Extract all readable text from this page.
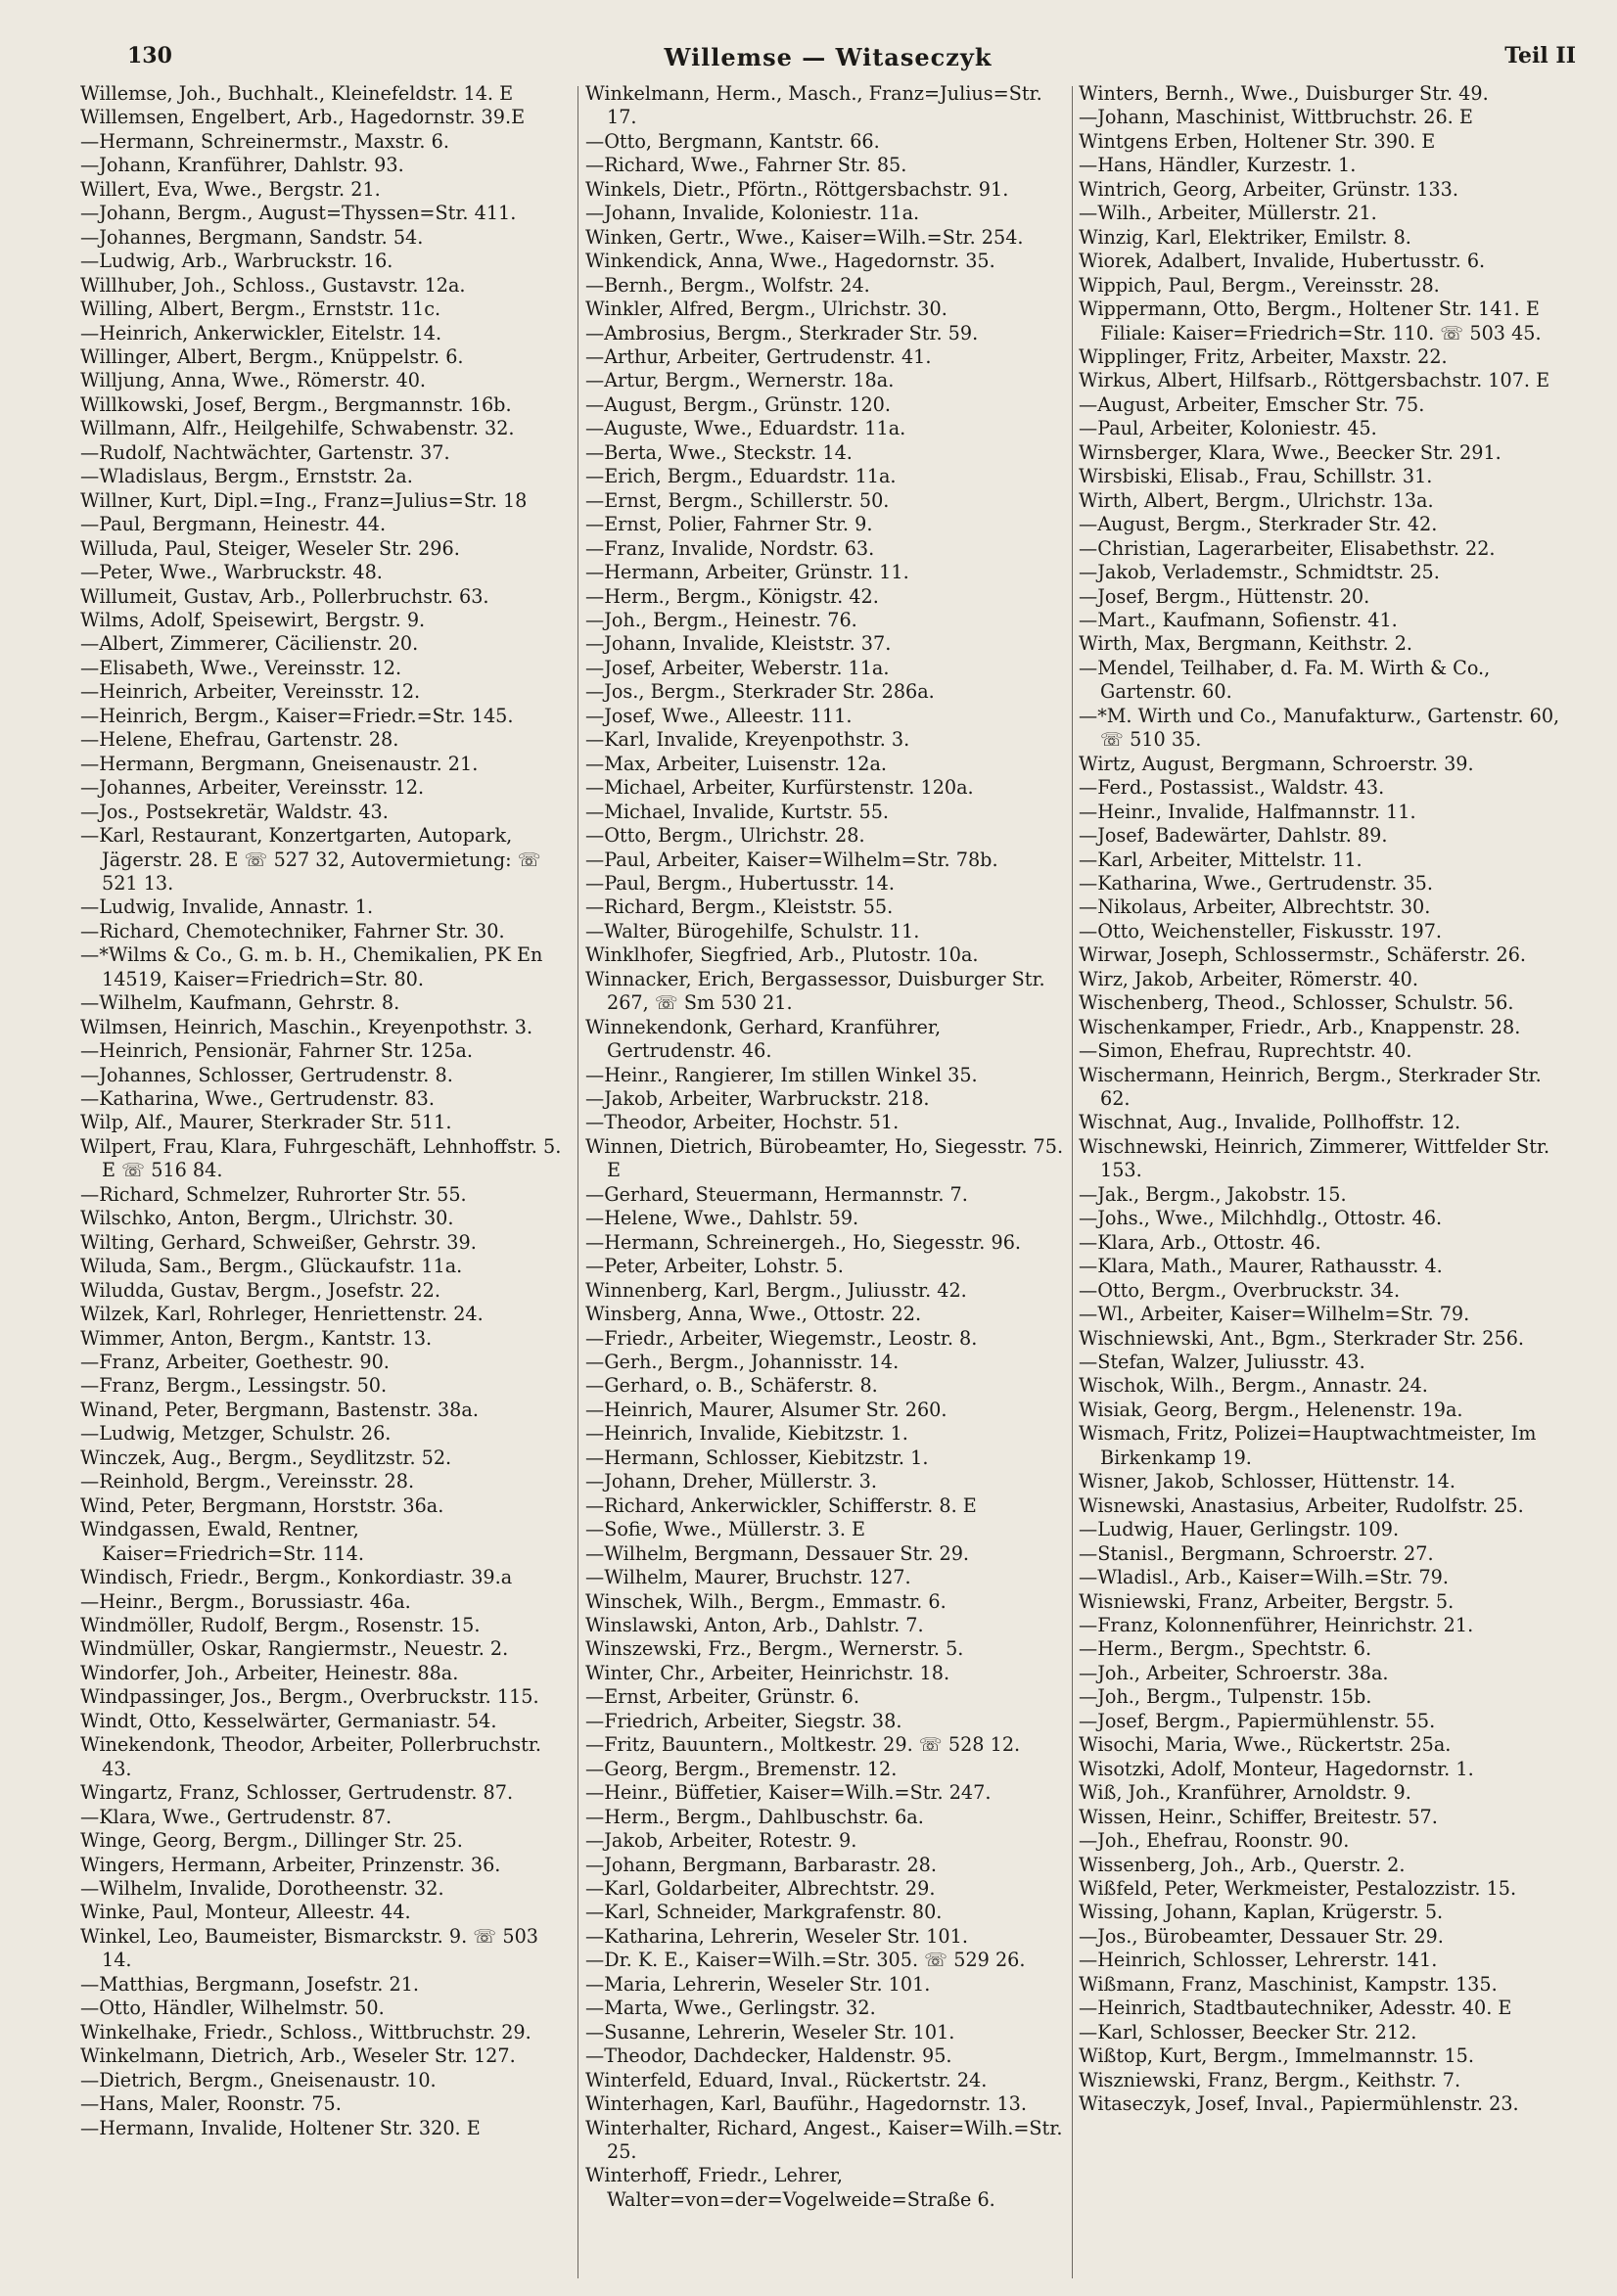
130	Willemse — Witaseczyk	Teil II

Willemse, Joh., Buchhalt., Kleinefeldstr. 14. E

Willemsen, Engelbert, Arb., Hagedornstr. 39.E

—Hermann, Schreinermstr., Maxstr. 6.

—Johann, Kranführer, Dahlstr. 93.

Willert, Eva, Wwe., Bergstr. 21.

—Johann, Bergm., August=Thyssen=Str. 411.

—Johannes, Bergmann, Sandstr. 54.

—Ludwig, Arb., Warbruckstr. 16.

Willhuber, Joh., Schloss., Gustavstr. 12a.

Willing, Albert, Bergm., Ernststr. 11c.

—Heinrich, Ankerwickler, Eitelstr. 14.

Willinger, Albert, Bergm., Knüppelstr. 6.

Willjung, Anna, Wwe., Römerstr. 40.

Willkowski, Josef, Bergm., Bergmannstr. 16b.

Willmann, Alfr., Heilgehilfe, Schwabenstr. 32.

—Rudolf, Nachtwächter, Gartenstr. 37.

—Wladislaus, Bergm., Ernststr. 2a.

Willner, Kurt, Dipl.=Ing., Franz=Julius=Str. 18

—Paul, Bergmann, Heinestr. 44.

Willuda, Paul, Steiger, Weseler Str. 296.

—Peter, Wwe., Warbruckstr. 48.

Willumeit, Gustav, Arb., Pollerbruchstr. 63.

Wilms, Adolf, Speisewirt, Bergstr. 9.

—Albert, Zimmerer, Cäcilienstr. 20.

—Elisabeth, Wwe., Vereinsstr. 12.

—Heinrich, Arbeiter, Vereinsstr. 12.

—Heinrich, Bergm., Kaiser=Friedr.=Str. 145.

—Helene, Ehefrau, Gartenstr. 28.

—Hermann, Bergmann, Gneisenaustr. 21.

—Johannes, Arbeiter, Vereinsstr. 12.

—Jos., Postsekretär, Waldstr. 43.

—Karl, Restaurant, Konzertgarten, Autopark, Jägerstr. 28. E ☏ 527 32, Autovermietung: ☏ 521 13.

—Ludwig, Invalide, Annastr. 1.

—Richard, Chemotechniker, Fahrner Str. 30.

—*Wilms & Co., G. m. b. H., Chemikalien, PK En 14519, Kaiser=Friedrich=Str. 80.

—Wilhelm, Kaufmann, Gehrstr. 8.

Wilmsen, Heinrich, Maschin., Kreyenpothstr. 3.

—Heinrich, Pensionär, Fahrner Str. 125a.

—Johannes, Schlosser, Gertrudenstr. 8.

—Katharina, Wwe., Gertrudenstr. 83.

Wilp, Alf., Maurer, Sterkrader Str. 511.

Wilpert, Frau, Klara, Fuhrgeschäft, Lehnhoffstr. 5. E ☏ 516 84.

—Richard, Schmelzer, Ruhrorter Str. 55.

Wilschko, Anton, Bergm., Ulrichstr. 30.

Wilting, Gerhard, Schweißer, Gehrstr. 39.

Wiluda, Sam., Bergm., Glückaufstr. 11a.

Wiludda, Gustav, Bergm., Josefstr. 22.

Wilzek, Karl, Rohrleger, Henriettenstr. 24.

Wimmer, Anton, Bergm., Kantstr. 13.

—Franz, Arbeiter, Goethestr. 90.

—Franz, Bergm., Lessingstr. 50.

Winand, Peter, Bergmann, Bastenstr. 38a.

—Ludwig, Metzger, Schulstr. 26.

Winczek, Aug., Bergm., Seydlitzstr. 52.

—Reinhold, Bergm., Vereinsstr. 28.

Wind, Peter, Bergmann, Horststr. 36a.

Windgassen, Ewald, Rentner, Kaiser=Friedrich=Str. 114.

Windisch, Friedr., Bergm., Konkordiastr. 39.a

—Heinr., Bergm., Borussiastr. 46a.

Windmöller, Rudolf, Bergm., Rosenstr. 15.

Windmüller, Oskar, Rangiermstr., Neuestr. 2.

Windorfer, Joh., Arbeiter, Heinestr. 88a.

Windpassinger, Jos., Bergm., Overbruckstr. 115.

Windt, Otto, Kesselwärter, Germaniastr. 54.

Winekendonk, Theodor, Arbeiter, Pollerbruchstr. 43.

Wingartz, Franz, Schlosser, Gertrudenstr. 87.

—Klara, Wwe., Gertrudenstr. 87.

Winge, Georg, Bergm., Dillinger Str. 25.

Wingers, Hermann, Arbeiter, Prinzenstr. 36.

—Wilhelm, Invalide, Dorotheenstr. 32.

Winke, Paul, Monteur, Alleestr. 44.

Winkel, Leo, Baumeister, Bismarckstr. 9. ☏ 503 14.

—Matthias, Bergmann, Josefstr. 21.

—Otto, Händler, Wilhelmstr. 50.

Winkelhake, Friedr., Schloss., Wittbruchstr. 29.

Winkelmann, Dietrich, Arb., Weseler Str. 127.

—Dietrich, Bergm., Gneisenaustr. 10.

—Hans, Maler, Roonstr. 75.

—Hermann, Invalide, Holtener Str. 320. E

Winkelmann, Herm., Masch., Franz=Julius=Str. 17.

—Otto, Bergmann, Kantstr. 66.

—Richard, Wwe., Fahrner Str. 85.

Winkels, Dietr., Pförtn., Röttgersbachstr. 91.

—Johann, Invalide, Koloniestr. 11a.

Winken, Gertr., Wwe., Kaiser=Wilh.=Str. 254.

Winkendick, Anna, Wwe., Hagedornstr. 35.

—Bernh., Bergm., Wolfstr. 24.

Winkler, Alfred, Bergm., Ulrichstr. 30.

—Ambrosius, Bergm., Sterkrader Str. 59.

—Arthur, Arbeiter, Gertrudenstr. 41.

—Artur, Bergm., Wernerstr. 18a.

—August, Bergm., Grünstr. 120.

—Auguste, Wwe., Eduardstr. 11a.

—Berta, Wwe., Steckstr. 14.

—Erich, Bergm., Eduardstr. 11a.

—Ernst, Bergm., Schillerstr. 50.

—Ernst, Polier, Fahrner Str. 9.

—Franz, Invalide, Nordstr. 63.

—Hermann, Arbeiter, Grünstr. 11.

—Herm., Bergm., Königstr. 42.

—Joh., Bergm., Heinestr. 76.

—Johann, Invalide, Kleiststr. 37.

—Josef, Arbeiter, Weberstr. 11a.

—Jos., Bergm., Sterkrader Str. 286a.

—Josef, Wwe., Alleestr. 111.

—Karl, Invalide, Kreyenpothstr. 3.

—Max, Arbeiter, Luisenstr. 12a.

—Michael, Arbeiter, Kurfürstenstr. 120a.

—Michael, Invalide, Kurtstr. 55.

—Otto, Bergm., Ulrichstr. 28.

—Paul, Arbeiter, Kaiser=Wilhelm=Str. 78b.

—Paul, Bergm., Hubertusstr. 14.

—Richard, Bergm., Kleiststr. 55.

—Walter, Bürogehilfe, Schulstr. 11.

Winklhofer, Siegfried, Arb., Plutostr. 10a.

Winnacker, Erich, Bergassessor, Duisburger Str. 267, ☏ Sm 530 21.

Winnekendonk, Gerhard, Kranführer, Gertrudenstr. 46.

—Heinr., Rangierer, Im stillen Winkel 35.

—Jakob, Arbeiter, Warbruckstr. 218.

—Theodor, Arbeiter, Hochstr. 51.

Winnen, Dietrich, Bürobeamter, Ho, Siegesstr. 75. E

—Gerhard, Steuermann, Hermannstr. 7.

—Helene, Wwe., Dahlstr. 59.

—Hermann, Schreinergeh., Ho, Siegesstr. 96.

—Peter, Arbeiter, Lohstr. 5.

Winnenberg, Karl, Bergm., Juliusstr. 42.

Winsberg, Anna, Wwe., Ottostr. 22.

—Friedr., Arbeiter, Wiegemstr., Leostr. 8.

—Gerh., Bergm., Johannisstr. 14.

—Gerhard, o. B., Schäferstr. 8.

—Heinrich, Maurer, Alsumer Str. 260.

—Heinrich, Invalide, Kiebitzstr. 1.

—Hermann, Schlosser, Kiebitzstr. 1.

—Johann, Dreher, Müllerstr. 3.

—Richard, Ankerwickler, Schifferstr. 8. E

—Sofie, Wwe., Müllerstr. 3. E

—Wilhelm, Bergmann, Dessauer Str. 29.

—Wilhelm, Maurer, Bruchstr. 127.

Winschek, Wilh., Bergm., Emmastr. 6.

Winslawski, Anton, Arb., Dahlstr. 7.

Winszewski, Frz., Bergm., Wernerstr. 5.

Winter, Chr., Arbeiter, Heinrichstr. 18.

—Ernst, Arbeiter, Grünstr. 6.

—Friedrich, Arbeiter, Siegstr. 38.

—Fritz, Bauuntern., Moltkestr. 29. ☏ 528 12.

—Georg, Bergm., Bremenstr. 12.

—Heinr., Büffetier, Kaiser=Wilh.=Str. 247.

—Herm., Bergm., Dahlbuschstr. 6a.

—Jakob, Arbeiter, Rotestr. 9.

—Johann, Bergmann, Barbarastr. 28.

—Karl, Goldarbeiter, Albrechtstr. 29.

—Karl, Schneider, Markgrafenstr. 80.

—Katharina, Lehrerin, Weseler Str. 101.

—Dr. K. E., Kaiser=Wilh.=Str. 305. ☏ 529 26.

—Maria, Lehrerin, Weseler Str. 101.

—Marta, Wwe., Gerlingstr. 32.

—Susanne, Lehrerin, Weseler Str. 101.

—Theodor, Dachdecker, Haldenstr. 95.

Winterfeld, Eduard, Inval., Rückertstr. 24.

Winterhagen, Karl, Bauführ., Hagedornstr. 13.

Winterhalter, Richard, Angest., Kaiser=Wilh.=Str. 25.

Winterhoff, Friedr., Lehrer, Walter=von=der=Vogelweide=Straße 6.

Winters, Bernh., Wwe., Duisburger Str. 49.

—Johann, Maschinist, Wittbruchstr. 26. E

Wintgens Erben, Holtener Str. 390. E

—Hans, Händler, Kurzestr. 1.

Wintrich, Georg, Arbeiter, Grünstr. 133.

—Wilh., Arbeiter, Müllerstr. 21.

Winzig, Karl, Elektriker, Emilstr. 8.

Wiorek, Adalbert, Invalide, Hubertusstr. 6.

Wippich, Paul, Bergm., Vereinsstr. 28.

Wippermann, Otto, Bergm., Holtener Str. 141. E Filiale: Kaiser=Friedrich=Str. 110. ☏ 503 45.

Wipplinger, Fritz, Arbeiter, Maxstr. 22.

Wirkus, Albert, Hilfsarb., Röttgersbachstr. 107. E

—August, Arbeiter, Emscher Str. 75.

—Paul, Arbeiter, Koloniestr. 45.

Wirnsberger, Klara, Wwe., Beecker Str. 291.

Wirsbiski, Elisab., Frau, Schillstr. 31.

Wirth, Albert, Bergm., Ulrichstr. 13a.

—August, Bergm., Sterkrader Str. 42.

—Christian, Lagerarbeiter, Elisabethstr. 22.

—Jakob, Verlademstr., Schmidtstr. 25.

—Josef, Bergm., Hüttenstr. 20.

—Mart., Kaufmann, Sofienstr. 41.

Wirth, Max, Bergmann, Keithstr. 2.

—Mendel, Teilhaber, d. Fa. M. Wirth & Co., Gartenstr. 60.

—*M. Wirth und Co., Manufakturw., Gartenstr. 60, ☏ 510 35.

Wirtz, August, Bergmann, Schroerstr. 39.

—Ferd., Postassist., Waldstr. 43.

—Heinr., Invalide, Halfmannstr. 11.

—Josef, Badewärter, Dahlstr. 89.

—Karl, Arbeiter, Mittelstr. 11.

—Katharina, Wwe., Gertrudenstr. 35.

—Nikolaus, Arbeiter, Albrechtstr. 30.

—Otto, Weichensteller, Fiskusstr. 197.

Wirwar, Joseph, Schlossermstr., Schäferstr. 26.

Wirz, Jakob, Arbeiter, Römerstr. 40.

Wischenberg, Theod., Schlosser, Schulstr. 56.

Wischenkamper, Friedr., Arb., Knappenstr. 28.

—Simon, Ehefrau, Ruprechtstr. 40.

Wischermann, Heinrich, Bergm., Sterkrader Str. 62.

Wischnat, Aug., Invalide, Pollhoffstr. 12.

Wischnewski, Heinrich, Zimmerer, Wittfelder Str. 153.

—Jak., Bergm., Jakobstr. 15.

—Johs., Wwe., Milchhdlg., Ottostr. 46.

—Klara, Arb., Ottostr. 46.

—Klara, Math., Maurer, Rathausstr. 4.

—Otto, Bergm., Overbruckstr. 34.

—Wl., Arbeiter, Kaiser=Wilhelm=Str. 79.

Wischniewski, Ant., Bgm., Sterkrader Str. 256.

—Stefan, Walzer, Juliusstr. 43.

Wischok, Wilh., Bergm., Annastr. 24.

Wisiak, Georg, Bergm., Helenenstr. 19a.

Wismach, Fritz, Polizei=Hauptwachtmeister, Im Birkenkamp 19.

Wisner, Jakob, Schlosser, Hüttenstr. 14.

Wisnewski, Anastasius, Arbeiter, Rudolfstr. 25.

—Ludwig, Hauer, Gerlingstr. 109.

—Stanisl., Bergmann, Schroerstr. 27.

—Wladisl., Arb., Kaiser=Wilh.=Str. 79.

Wisniewski, Franz, Arbeiter, Bergstr. 5.

—Franz, Kolonnenführer, Heinrichstr. 21.

—Herm., Bergm., Spechtstr. 6.

—Joh., Arbeiter, Schroerstr. 38a.

—Joh., Bergm., Tulpenstr. 15b.

—Josef, Bergm., Papiermühlenstr. 55.

Wisochi, Maria, Wwe., Rückertstr. 25a.

Wisotzki, Adolf, Monteur, Hagedornstr. 1.

Wiß, Joh., Kranführer, Arnoldstr. 9.

Wissen, Heinr., Schiffer, Breitestr. 57.

—Joh., Ehefrau, Roonstr. 90.

Wissenberg, Joh., Arb., Querstr. 2.

Wißfeld, Peter, Werkmeister, Pestalozzistr. 15.

Wissing, Johann, Kaplan, Krügerstr. 5.

—Jos., Bürobeamter, Dessauer Str. 29.

—Heinrich, Schlosser, Lehrerstr. 141.

Wißmann, Franz, Maschinist, Kampstr. 135.

—Heinrich, Stadtbautechniker, Adesstr. 40. E

—Karl, Schlosser, Beecker Str. 212.

Wißtop, Kurt, Bergm., Immelmannstr. 15.

Wiszniewski, Franz, Bergm., Keithstr. 7.

Witaseczyk, Josef, Inval., Papiermühlenstr. 23.
